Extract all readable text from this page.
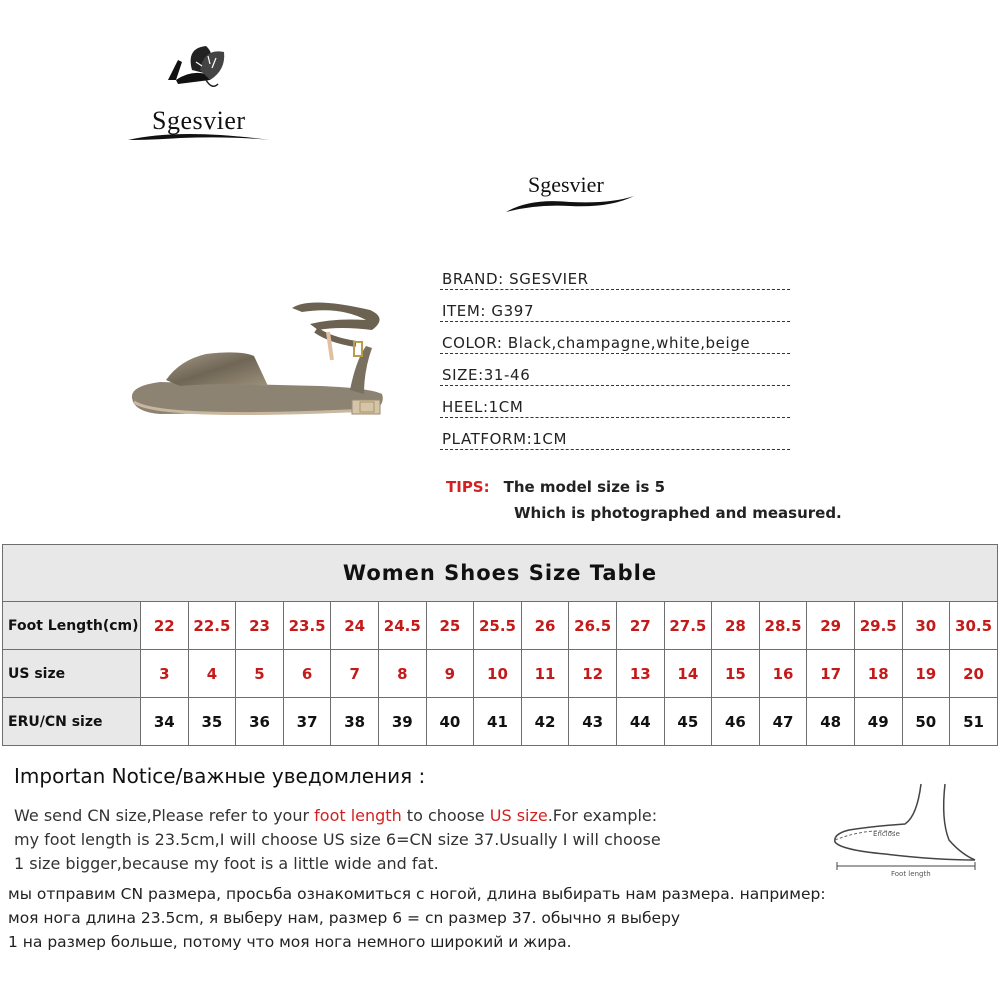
Sgesvier
Sgesvier
BRAND: SGESVIER
ITEM: G397
COLOR: Black,champagne,white,beige
SIZE:31-46
HEEL:1CM
PLATFORM:1CM
TIPS: The model size is 5
Which is photographed and measured.
Women Shoes Size Table																		
Foot Length(cm)	22	22.5	23	23.5	24	24.5	25	25.5	26	26.5	27	27.5	28	28.5	29	29.5	30	30.5
US size	3	4	5	6	7	8	9	10	11	12	13	14	15	16	17	18	19	20
ERU/CN size	34	35	36	37	38	39	40	41	42	43	44	45	46	47	48	49	50	51
Importan Notice/важные уведомления :
We send CN size,Please refer to your foot length to choose US size.For example:
my foot length is 23.5cm,I will choose US size 6=CN size 37.Usually I will choose
1 size bigger,because my foot is a little wide and fat.
мы отправим CN размера, просьба ознакомиться с ногой, длина выбирать нам размера. например:
моя нога длина 23.5cm, я выберу нам, размер 6 = cn размер 37. обычно я выберу
1 на размер больше, потому что моя нога немного широкий и жира.
Enclose
Foot length
